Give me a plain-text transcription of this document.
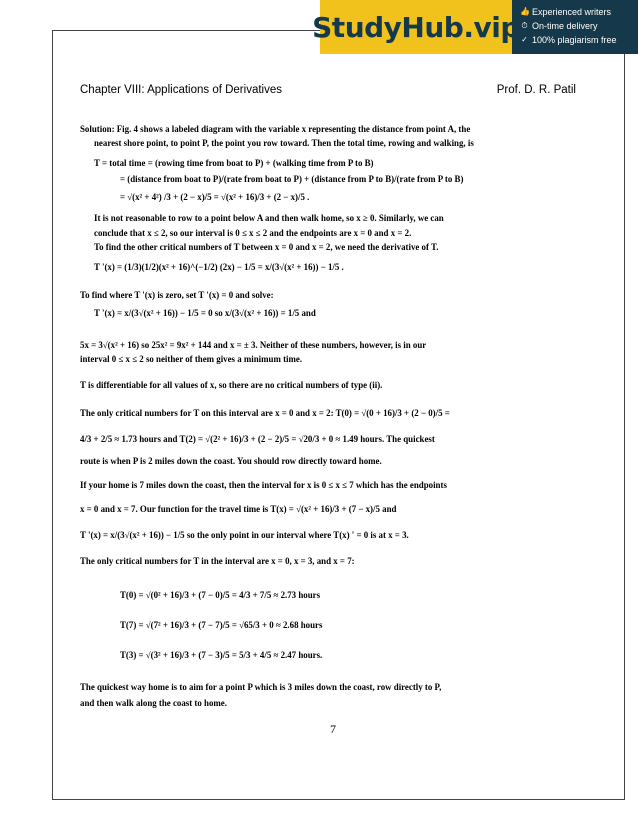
StudyHub.vip 👍 Experienced writers
⏱ On-time delivery
✓ 100% plagiarism free
Chapter VIII: Applications of Derivatives	Prof. D. R. Patil
Solution: Fig. 4 shows a labeled diagram with the variable x representing the distance from point A, the
nearest shore point, to point P, the point you row toward. Then the total time, rowing and walking, is
T = total time = (rowing time from boat to P) + (walking time from P to B)
= (distance from boat to P)/(rate from boat to P) + (distance from P to B)/(rate from P to B)
= √(x² + 4²) /3 + (2 − x)/5 = √(x² + 16)/3 + (2 − x)/5 .
It is not reasonable to row to a point below A and then walk home, so x ≥ 0. Similarly, we can
conclude that x ≤ 2, so our interval is 0 ≤ x ≤ 2 and the endpoints are x = 0 and x = 2.
To find the other critical numbers of T between x = 0 and x = 2, we need the derivative of T.
T '(x) = (1/3)(1/2)(x² + 16)^(−1/2) (2x) − 1/5 = x/(3√(x² + 16)) − 1/5 .
To find where T '(x) is zero, set T '(x) = 0 and solve:
T '(x) = x/(3√(x² + 16)) − 1/5 = 0 so x/(3√(x² + 16)) = 1/5 and
5x = 3√(x² + 16) so 25x² = 9x² + 144 and x = ± 3. Neither of these numbers, however, is in our
interval 0 ≤ x ≤ 2 so neither of them gives a minimum time.
T is differentiable for all values of x, so there are no critical numbers of type (ii).
The only critical numbers for T on this interval are x = 0 and x = 2: T(0) = √(0 + 16)/3 + (2 − 0)/5 =
4/3 + 2/5 ≈ 1.73 hours and T(2) = √(2² + 16)/3 + (2 − 2)/5 = √20/3 + 0 ≈ 1.49 hours. The quickest
route is when P is 2 miles down the coast. You should row directly toward home.
If your home is 7 miles down the coast, then the interval for x is 0 ≤ x ≤ 7 which has the endpoints
x = 0 and x = 7. Our function for the travel time is T(x) = √(x² + 16)/3 + (7 − x)/5 and
T '(x) = x/(3√(x² + 16)) − 1/5 so the only point in our interval where T(x) ' = 0 is at x = 3.
The only critical numbers for T in the interval are x = 0, x = 3, and x = 7:
T(0) = √(0² + 16)/3 + (7 − 0)/5 = 4/3 + 7/5 ≈ 2.73 hours
T(7) = √(7² + 16)/3 + (7 − 7)/5 = √65/3 + 0 ≈ 2.68 hours
T(3) = √(3² + 16)/3 + (7 − 3)/5 = 5/3 + 4/5 ≈ 2.47 hours.
The quickest way home is to aim for a point P which is 3 miles down the coast, row directly to P,
and then walk along the coast to home.
7
